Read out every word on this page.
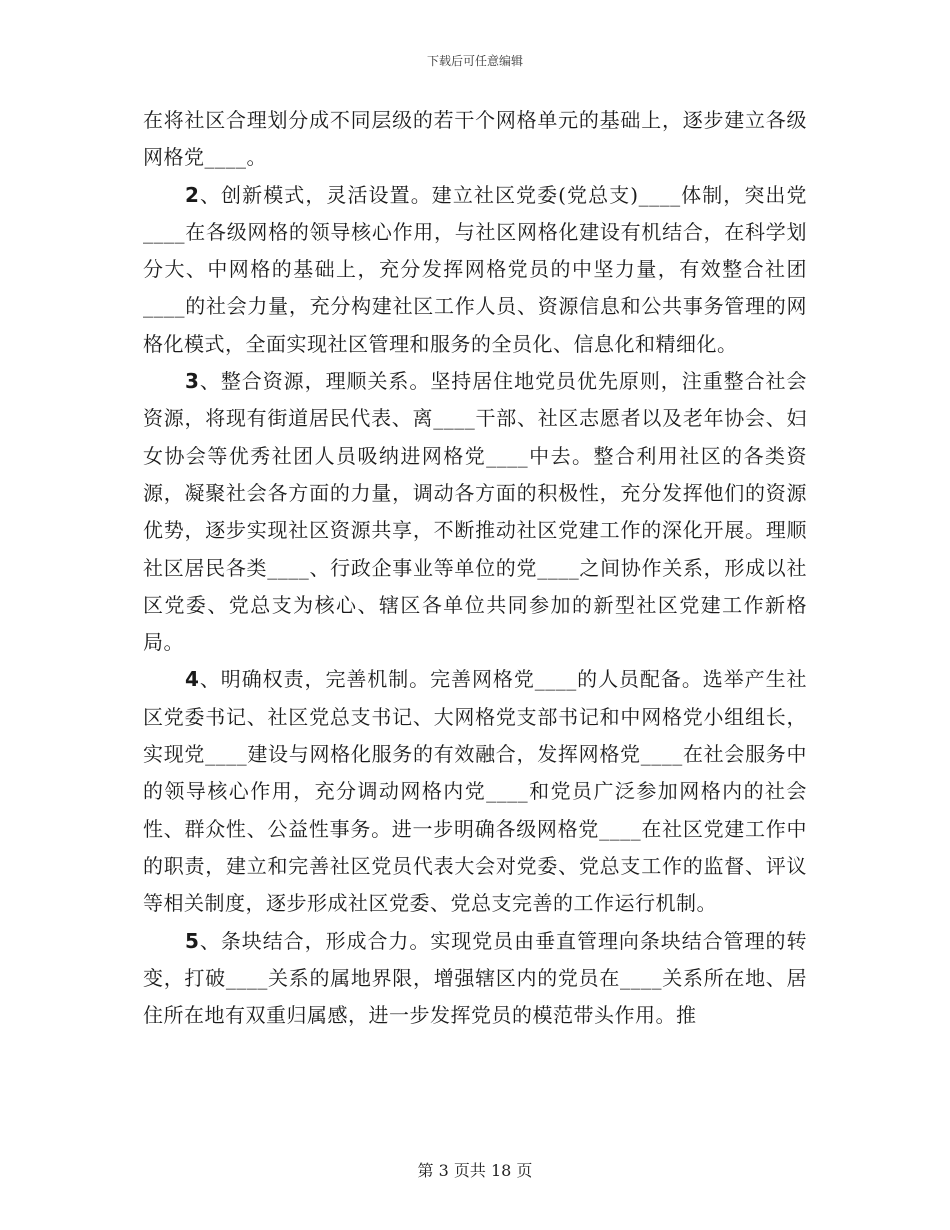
下载后可任意编辑

在将社区合理划分成不同层级的若干个网格单元的基础上，逐步建立各级网格党____。

2、创新模式，灵活设置。建立社区党委(党总支)____体制，突出党____在各级网格的领导核心作用，与社区网格化建设有机结合，在科学划分大、中网格的基础上，充分发挥网格党员的中坚力量，有效整合社团____的社会力量，充分构建社区工作人员、资源信息和公共事务管理的网格化模式，全面实现社区管理和服务的全员化、信息化和精细化。

3、整合资源，理顺关系。坚持居住地党员优先原则，注重整合社会资源，将现有街道居民代表、离____干部、社区志愿者以及老年协会、妇女协会等优秀社团人员吸纳进网格党____中去。整合利用社区的各类资源，凝聚社会各方面的力量，调动各方面的积极性，充分发挥他们的资源优势，逐步实现社区资源共享，不断推动社区党建工作的深化开展。理顺社区居民各类____、行政企事业等单位的党____之间协作关系，形成以社区党委、党总支为核心、辖区各单位共同参加的新型社区党建工作新格局。

4、明确权责，完善机制。完善网格党____的人员配备。选举产生社区党委书记、社区党总支书记、大网格党支部书记和中网格党小组组长，实现党____建设与网格化服务的有效融合，发挥网格党____在社会服务中的领导核心作用，充分调动网格内党____和党员广泛参加网格内的社会性、群众性、公益性事务。进一步明确各级网格党____在社区党建工作中的职责，建立和完善社区党员代表大会对党委、党总支工作的监督、评议等相关制度，逐步形成社区党委、党总支完善的工作运行机制。

5、条块结合，形成合力。实现党员由垂直管理向条块结合管理的转变，打破____关系的属地界限，增强辖区内的党员在____关系所在地、居住所在地有双重归属感，进一步发挥党员的模范带头作用。推

第 3 页共 18 页
